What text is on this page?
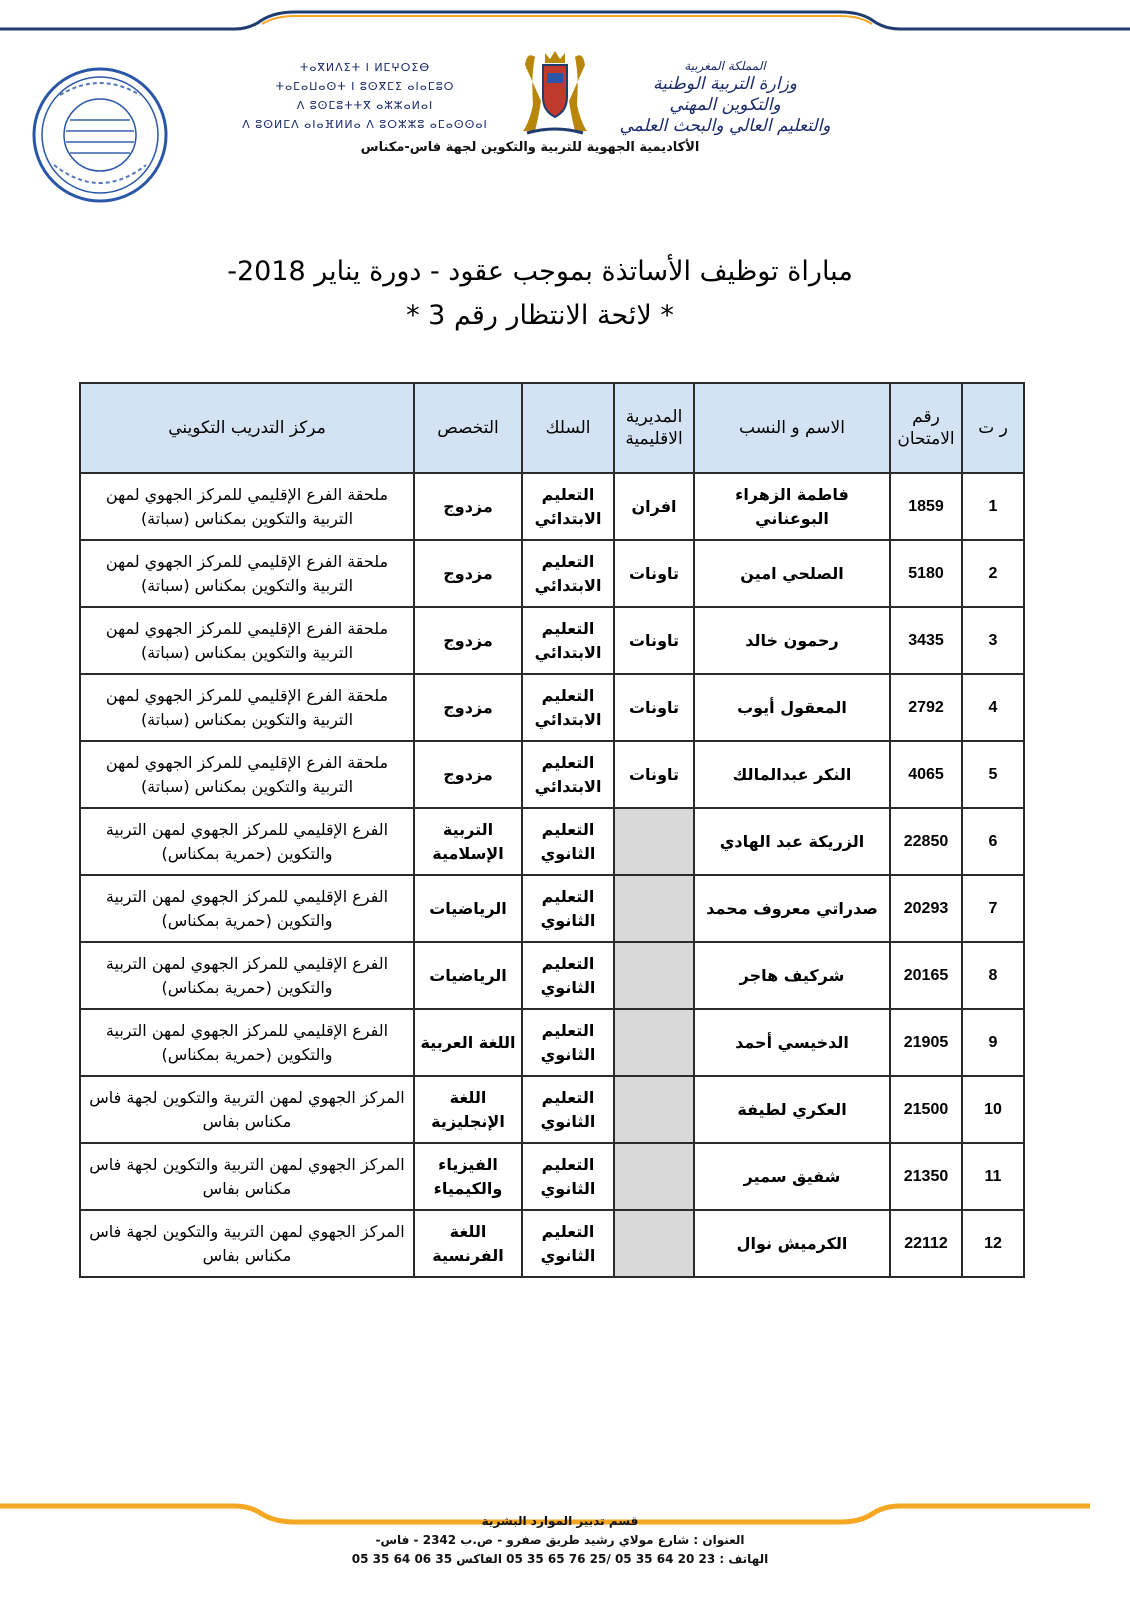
ⵜⴰⴳⵍⴷⵉⵜ ⵏ ⵍⵎⵖⵔⵉⴱ
ⵜⴰⵎⴰⵡⴰⵙⵜ ⵏ ⵓⵙⴳⵎⵉ ⴰⵏⴰⵎⵓⵔ
ⴷ ⵓⵙⵎⵓⵜⵜⴳ ⴰⵣⵣⴰⵍⴰⵏ
ⴷ ⵓⵙⵍⵎⴷ ⴰⵏⴰⴼⵍⵍⴰ ⴷ ⵓⵔⵣⵣⵓ ⴰⵎⴰⵙⵙⴰⵏ
المملكة المغربية
وزارة التربية الوطنية
والتكوين المهني
والتعليم العالي والبحث العلمي
الأكاديمية الجهوية للتربية والتكوين لجهة فاس-مكناس
مباراة توظيف الأساتذة بموجب عقود - دورة يناير 2018-
* لائحة الانتظار رقم 3 *
ر ت	رقم الامتحان	الاسم و النسب	المديرية الاقليمية	السلك	التخصص	مركز التدريب التكويني
1	1859	فاطمة الزهراء البوعناني	افران	التعليم الابتدائي	مزدوج	ملحقة الفرع الإقليمي للمركز الجهوي لمهن التربية والتكوين بمكناس (سباتة)
2	5180	الصلحي امين	تاونات	التعليم الابتدائي	مزدوج	ملحقة الفرع الإقليمي للمركز الجهوي لمهن التربية والتكوين بمكناس (سباتة)
3	3435	رحمون خالد	تاونات	التعليم الابتدائي	مزدوج	ملحقة الفرع الإقليمي للمركز الجهوي لمهن التربية والتكوين بمكناس (سباتة)
4	2792	المعقول أيوب	تاونات	التعليم الابتدائي	مزدوج	ملحقة الفرع الإقليمي للمركز الجهوي لمهن التربية والتكوين بمكناس (سباتة)
5	4065	النكر عبدالمالك	تاونات	التعليم الابتدائي	مزدوج	ملحقة الفرع الإقليمي للمركز الجهوي لمهن التربية والتكوين بمكناس (سباتة)
6	22850	الزريكة عبد الهادي		التعليم الثانوي	التربية الإسلامية	الفرع الإقليمي للمركز الجهوي لمهن التربية والتكوين (حمرية بمكناس)
7	20293	صدراتي معروف محمد		التعليم الثانوي	الرياضيات	الفرع الإقليمي للمركز الجهوي لمهن التربية والتكوين (حمرية بمكناس)
8	20165	شركيف هاجر		التعليم الثانوي	الرياضيات	الفرع الإقليمي للمركز الجهوي لمهن التربية والتكوين (حمرية بمكناس)
9	21905	الدخيسي أحمد		التعليم الثانوي	اللغة العربية	الفرع الإقليمي للمركز الجهوي لمهن التربية والتكوين (حمرية بمكناس)
10	21500	العكري لطيفة		التعليم الثانوي	اللغة الإنجليزية	المركز الجهوي لمهن التربية والتكوين لجهة فاس مكناس بفاس
11	21350	شفيق سمير		التعليم الثانوي	الفيزياء والكيمياء	المركز الجهوي لمهن التربية والتكوين لجهة فاس مكناس بفاس
12	22112	الكرميش نوال		التعليم الثانوي	اللغة الفرنسية	المركز الجهوي لمهن التربية والتكوين لجهة فاس مكناس بفاس
قسم تدبير الموارد البشرية
العنوان : شارع مولاي رشيد طريق صفرو - ص.ب 2342 - فاس-
الهاتف : 23 20 64 35 05 /25 76 65 35 05 الفاكس 35 06 64 35 05
